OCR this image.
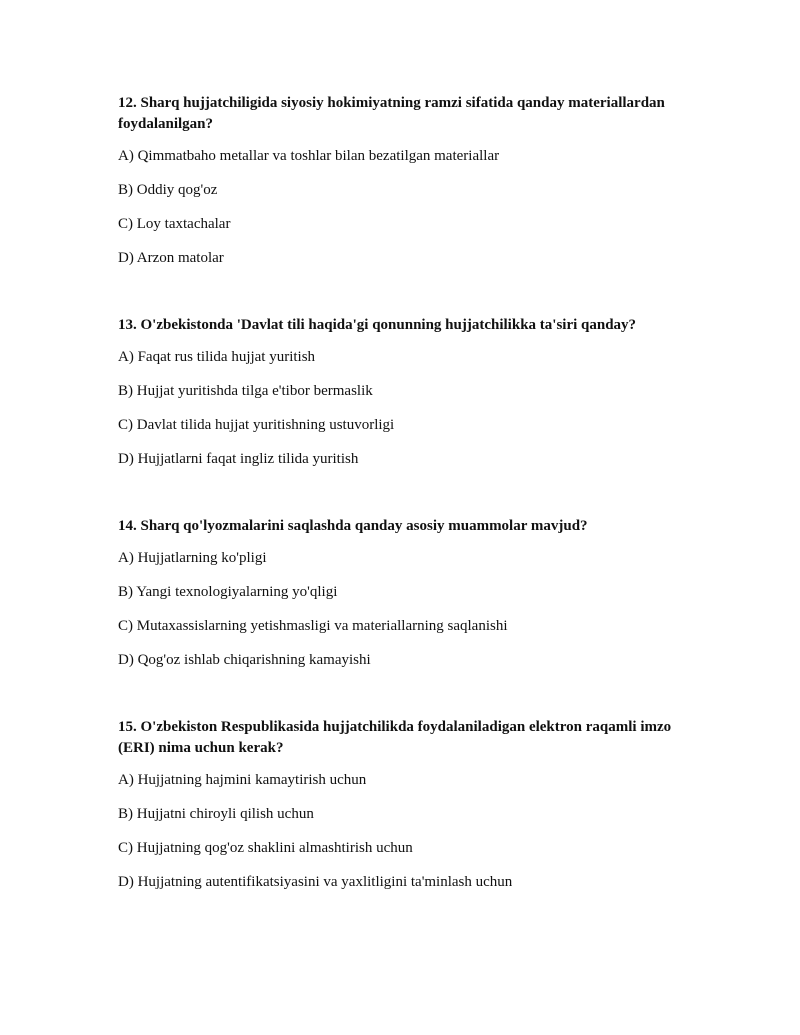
12. Sharq hujjatchiligida siyosiy hokimiyatning ramzi sifatida qanday materiallardan foydalanilgan?
A) Qimmatbaho metallar va toshlar bilan bezatilgan materiallar
B) Oddiy qog'oz
C) Loy taxtachalar
D) Arzon matolar
13. O'zbekistonda 'Davlat tili haqida'gi qonunning hujjatchilikka ta'siri qanday?
A) Faqat rus tilida hujjat yuritish
B) Hujjat yuritishda tilga e'tibor bermaslik
C) Davlat tilida hujjat yuritishning ustuvorligi
D) Hujjatlarni faqat ingliz tilida yuritish
14. Sharq qo'lyozmalarini saqlashda qanday asosiy muammolar mavjud?
A) Hujjatlarning ko'pligi
B) Yangi texnologiyalarning yo'qligi
C) Mutaxassislarning yetishmasligi va materiallarning saqlanishi
D) Qog'oz ishlab chiqarishning kamayishi
15. O'zbekiston Respublikasida hujjatchilikda foydalaniladigan elektron raqamli imzo (ERI) nima uchun kerak?
A) Hujjatning hajmini kamaytirish uchun
B) Hujjatni chiroyli qilish uchun
C) Hujjatning qog'oz shaklini almashtirish uchun
D) Hujjatning autentifikatsiyasini va yaxlitligini ta'minlash uchun
